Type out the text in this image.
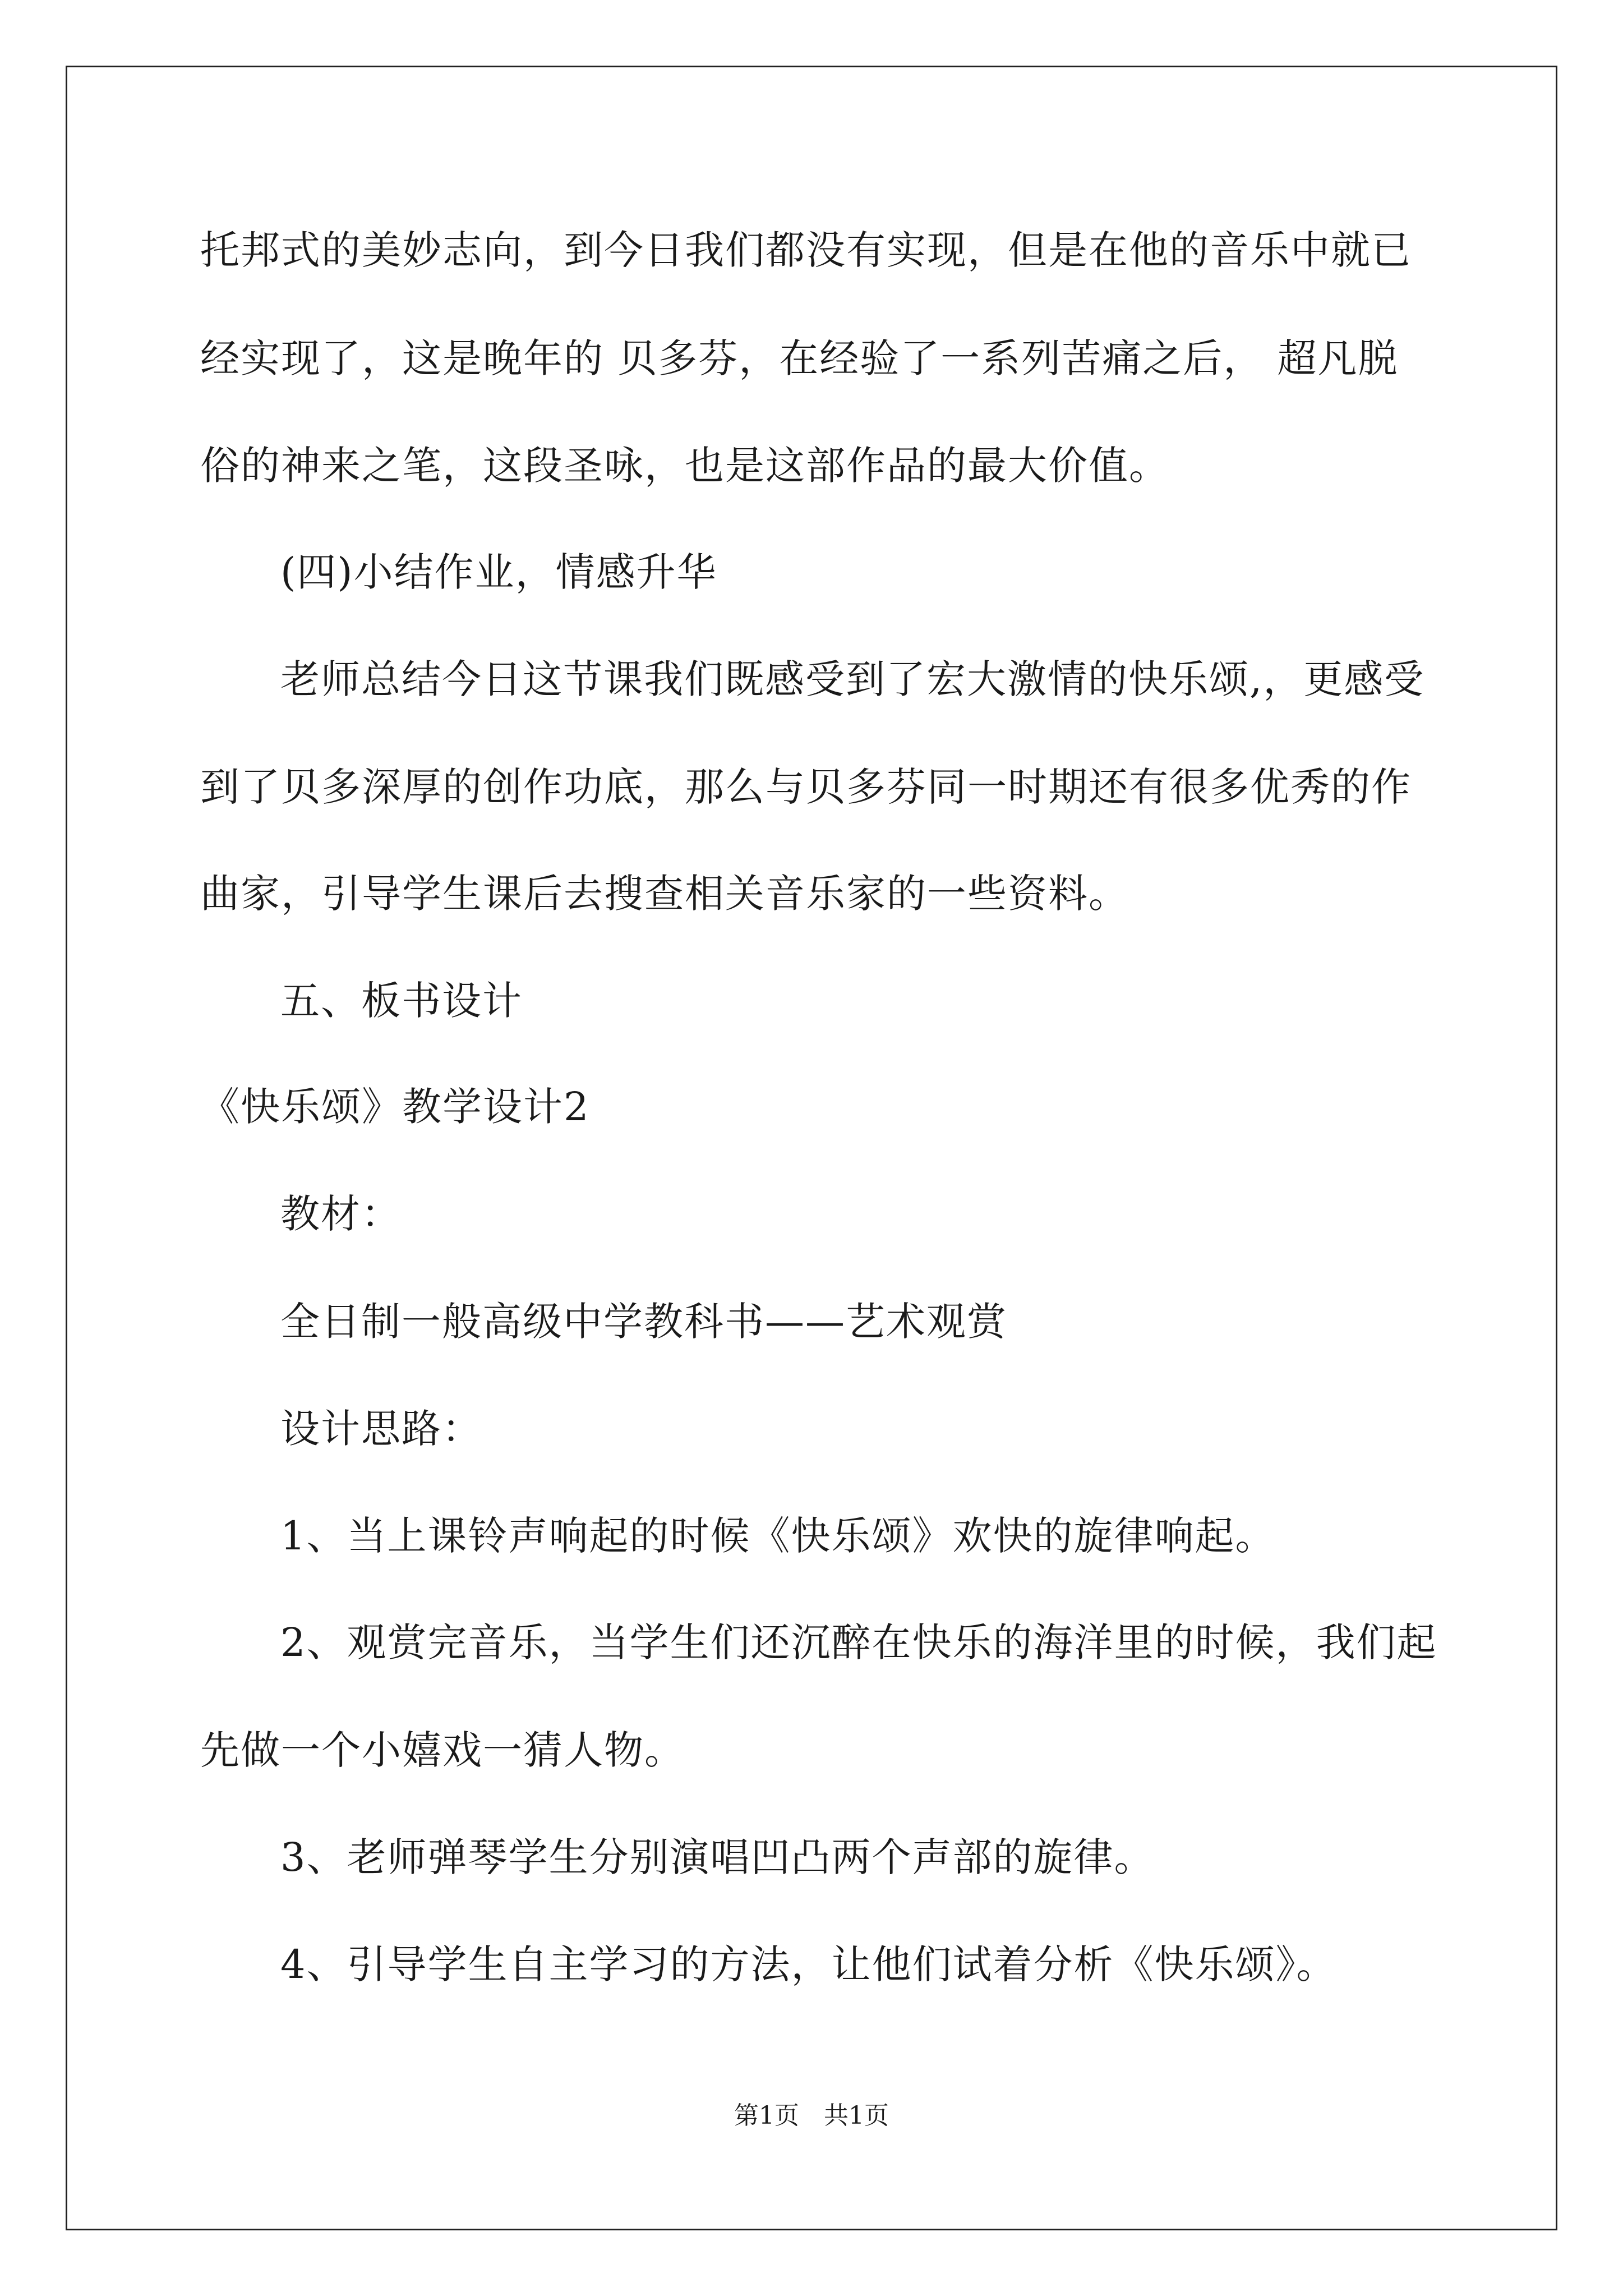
托邦式的美妙志向，到今日我们都没有实现，但是在他的音乐中就已
经实现了，这是晚年的 贝多芬，在经验了一系列苦痛之后， 超凡脱
俗的神来之笔，这段圣咏，也是这部作品的最大价值。
(四)小结作业，情感升华
老师总结今日这节课我们既感受到了宏大激情的快乐颂,，更感受
到了贝多深厚的创作功底，那么与贝多芬同一时期还有很多优秀的作
曲家，引导学生课后去搜查相关音乐家的一些资料。
五、板书设计
《快乐颂》教学设计2
教材：
全日制一般高级中学教科书——艺术观赏
设计思路：
1、当上课铃声响起的时候《快乐颂》欢快的旋律响起。
2、观赏完音乐，当学生们还沉醉在快乐的海洋里的时候，我们起
先做一个小嬉戏一猜人物。
3、老师弹琴学生分别演唱凹凸两个声部的旋律。
4、引导学生自主学习的方法，让他们试着分析《快乐颂》。
第1页　共1页
